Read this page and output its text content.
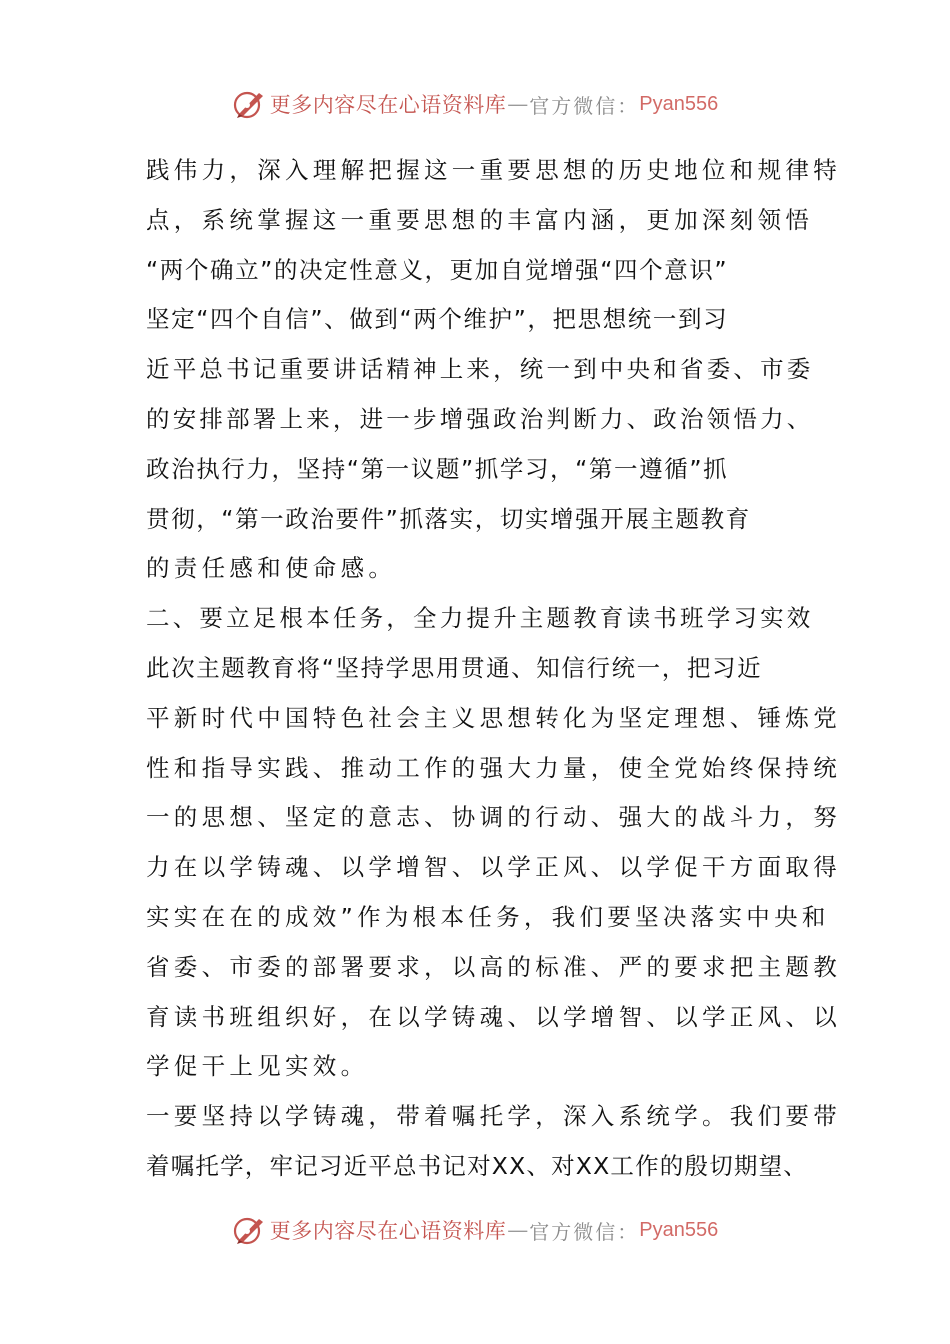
更多内容尽在心语资料库 — 官方微信： Pyan556
践伟力，深入理解把握这一重要思想的历史地位和规律特
点，系统掌握这一重要思想的丰富内涵，更加深刻领悟
“两个确立”的决定性意义，更加自觉增强“四个意识”
坚定“四个自信”、做到“两个维护”，把思想统一到习
近平总书记重要讲话精神上来，统一到中央和省委、市委
的安排部署上来，进一步增强政治判断力、政治领悟力、
政治执行力，坚持“第一议题”抓学习，“第一遵循”抓
贯彻，“第一政治要件”抓落实，切实增强开展主题教育
的责任感和使命感。
二、要立足根本任务，全力提升主题教育读书班学习实效
此次主题教育将“坚持学思用贯通、知信行统一，把习近
平新时代中国特色社会主义思想转化为坚定理想、锤炼党
性和指导实践、推动工作的强大力量，使全党始终保持统
一的思想、坚定的意志、协调的行动、强大的战斗力，努
力在以学铸魂、以学增智、以学正风、以学促干方面取得
实实在在的成效”作为根本任务，我们要坚决落实中央和
省委、市委的部署要求，以高的标准、严的要求把主题教
育读书班组织好，在以学铸魂、以学增智、以学正风、以
学促干上见实效。
一要坚持以学铸魂，带着嘱托学，深入系统学。我们要带
着嘱托学，牢记习近平总书记对XX、对XX工作的殷切期望、
更多内容尽在心语资料库 — 官方微信： Pyan556
